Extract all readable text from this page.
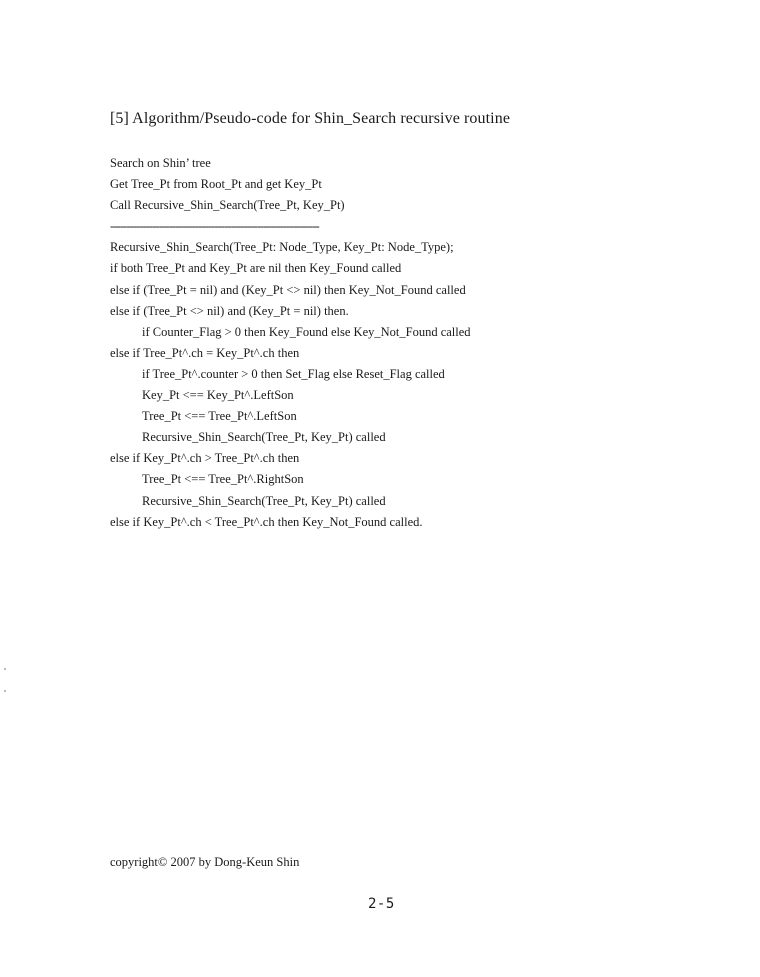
[5] Algorithm/Pseudo-code for Shin_Search recursive routine
Search on Shin’ tree
Get Tree_Pt from Root_Pt and get Key_Pt
Call Recursive_Shin_Search(Tree_Pt, Key_Pt)
----------------------------------------------------------------
Recursive_Shin_Search(Tree_Pt: Node_Type, Key_Pt: Node_Type);
if both Tree_Pt and Key_Pt are nil then Key_Found called
else if (Tree_Pt = nil) and (Key_Pt <> nil) then Key_Not_Found called
else if (Tree_Pt <> nil) and (Key_Pt = nil) then.
if Counter_Flag > 0 then Key_Found else Key_Not_Found called
else if Tree_Pt^.ch = Key_Pt^.ch then
if Tree_Pt^.counter > 0 then Set_Flag else Reset_Flag called
Key_Pt <== Key_Pt^.LeftSon
Tree_Pt <== Tree_Pt^.LeftSon
Recursive_Shin_Search(Tree_Pt, Key_Pt) called
else if Key_Pt^.ch > Tree_Pt^.ch then
Tree_Pt <== Tree_Pt^.RightSon
Recursive_Shin_Search(Tree_Pt, Key_Pt) called
else if Key_Pt^.ch < Tree_Pt^.ch then Key_Not_Found called.
copyright© 2007 by Dong-Keun Shin
2-5
